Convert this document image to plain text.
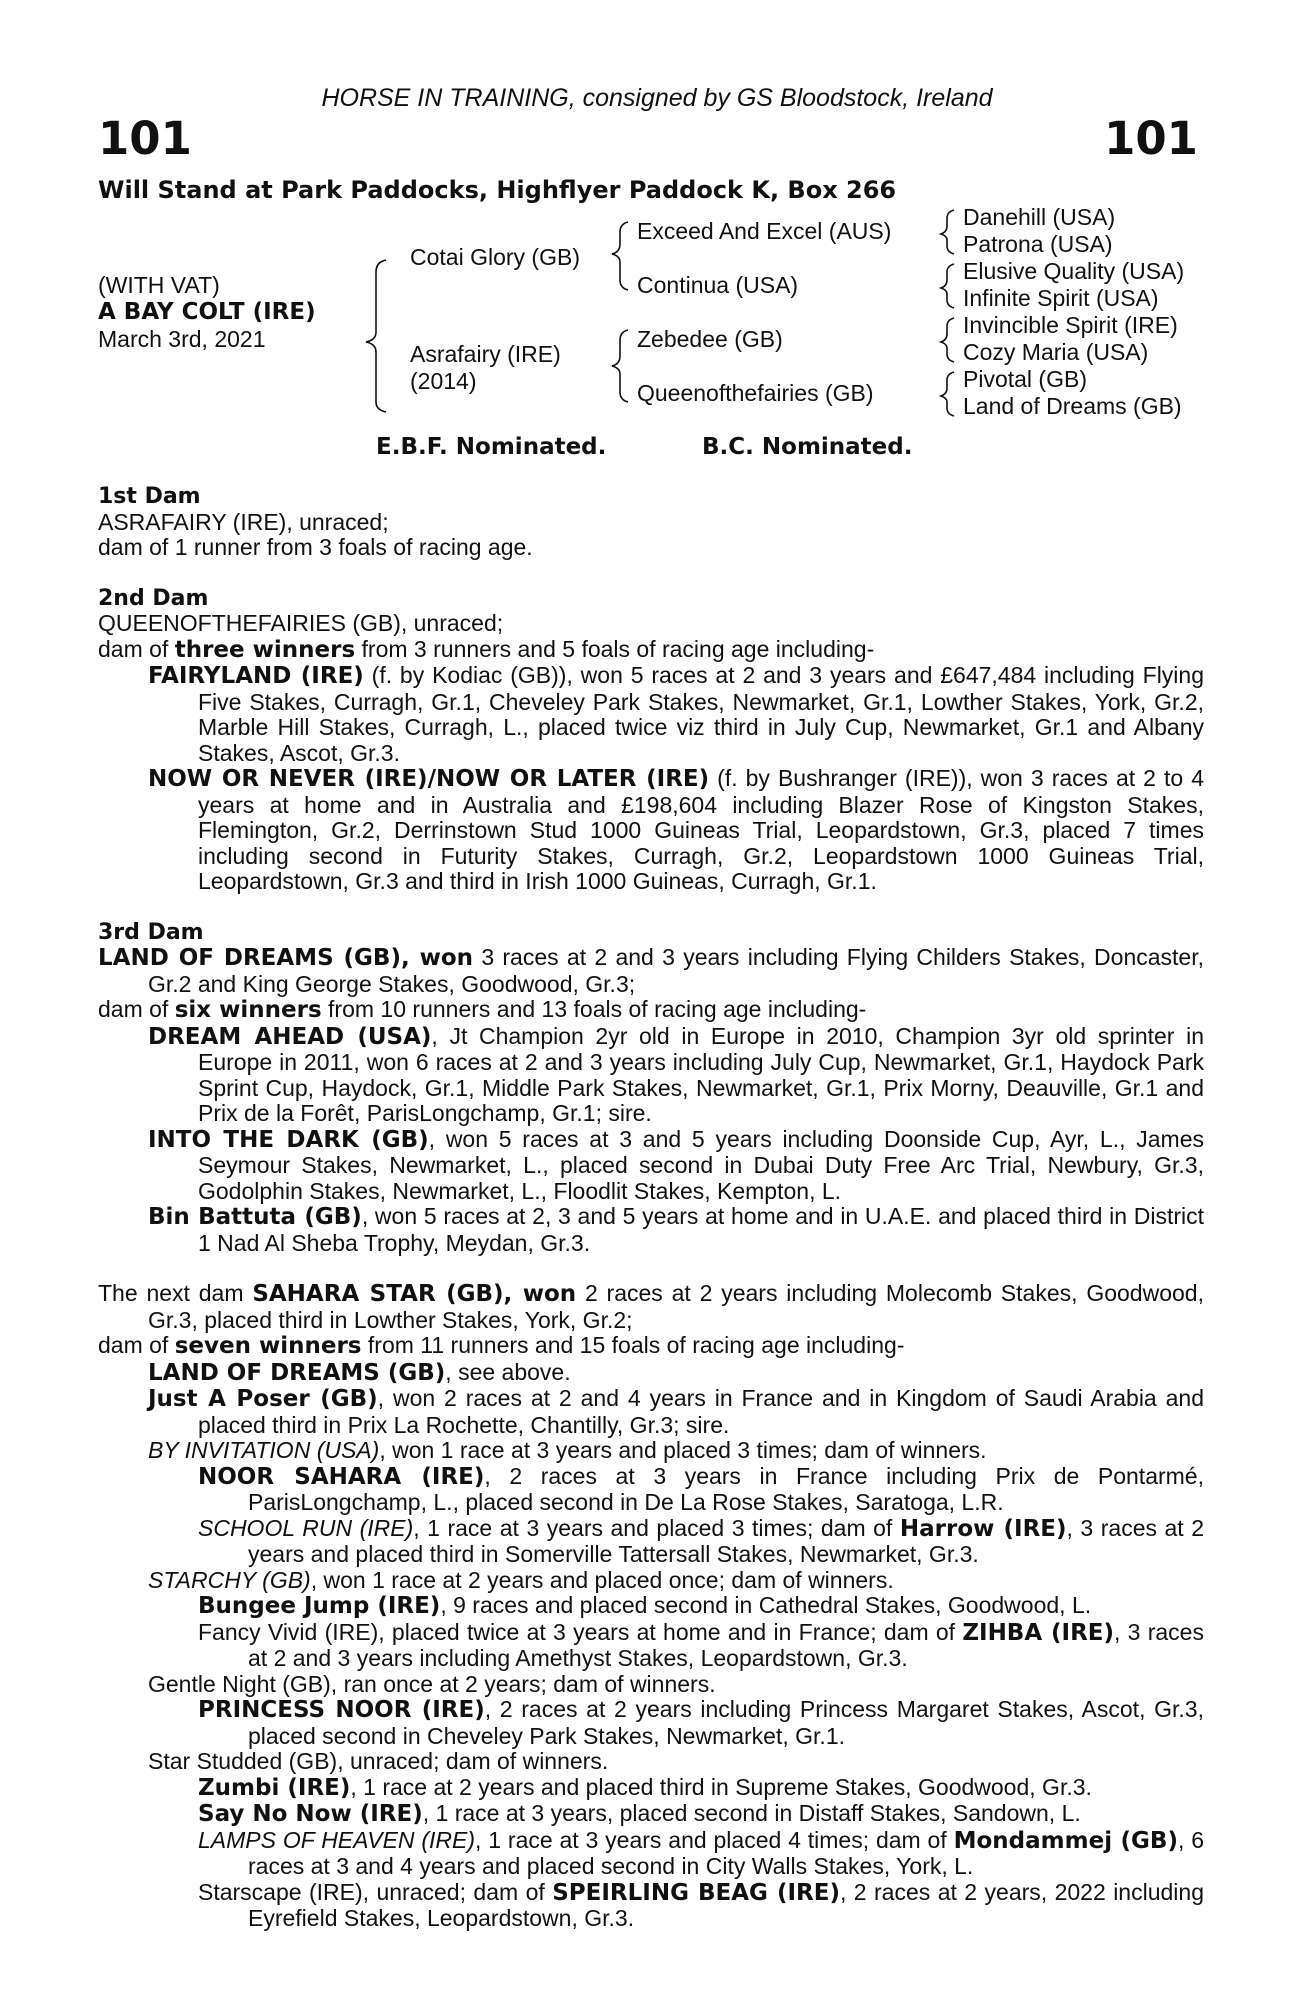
HORSE IN TRAINING, consigned by GS Bloodstock, Ireland
101	101
Will Stand at Park Paddocks, Highflyer Paddock K, Box 266
(WITH VAT)
A BAY COLT (IRE)
March 3rd, 2021
Cotai Glory (GB)
Asrafairy (IRE)
(2014)
Exceed And Excel (AUS)
Continua (USA)
Zebedee (GB)
Queenofthefairies (GB)
Danehill (USA)
Patrona (USA)
Elusive Quality (USA)
Infinite Spirit (USA)
Invincible Spirit (IRE)
Cozy Maria (USA)
Pivotal (GB)
Land of Dreams (GB)
E.B.F. Nominated.	B.C. Nominated.
1st Dam
ASRAFAIRY (IRE), unraced;
dam of 1 runner from 3 foals of racing age.
2nd Dam
QUEENOFTHEFAIRIES (GB), unraced;
dam of three winners from 3 runners and 5 foals of racing age including-
FAIRYLAND (IRE) (f. by Kodiac (GB)), won 5 races at 2 and 3 years and £647,484 including Flying Five Stakes, Curragh, Gr.1, Cheveley Park Stakes, Newmarket, Gr.1, Lowther Stakes, York, Gr.2, Marble Hill Stakes, Curragh, L., placed twice viz third in July Cup, Newmarket, Gr.1 and Albany Stakes, Ascot, Gr.3.
NOW OR NEVER (IRE)/NOW OR LATER (IRE) (f. by Bushranger (IRE)), won 3 races at 2 to 4 years at home and in Australia and £198,604 including Blazer Rose of Kingston Stakes, Flemington, Gr.2, Derrinstown Stud 1000 Guineas Trial, Leopardstown, Gr.3, placed 7 times including second in Futurity Stakes, Curragh, Gr.2, Leopardstown 1000 Guineas Trial, Leopardstown, Gr.3 and third in Irish 1000 Guineas, Curragh, Gr.1.
3rd Dam
LAND OF DREAMS (GB), won 3 races at 2 and 3 years including Flying Childers Stakes, Doncaster, Gr.2 and King George Stakes, Goodwood, Gr.3;
dam of six winners from 10 runners and 13 foals of racing age including-
DREAM AHEAD (USA), Jt Champion 2yr old in Europe in 2010, Champion 3yr old sprinter in Europe in 2011, won 6 races at 2 and 3 years including July Cup, Newmarket, Gr.1, Haydock Park Sprint Cup, Haydock, Gr.1, Middle Park Stakes, Newmarket, Gr.1, Prix Morny, Deauville, Gr.1 and Prix de la Forêt, ParisLongchamp, Gr.1; sire.
INTO THE DARK (GB), won 5 races at 3 and 5 years including Doonside Cup, Ayr, L., James Seymour Stakes, Newmarket, L., placed second in Dubai Duty Free Arc Trial, Newbury, Gr.3, Godolphin Stakes, Newmarket, L., Floodlit Stakes, Kempton, L.
Bin Battuta (GB), won 5 races at 2, 3 and 5 years at home and in U.A.E. and placed third in District 1 Nad Al Sheba Trophy, Meydan, Gr.3.
The next dam SAHARA STAR (GB), won 2 races at 2 years including Molecomb Stakes, Goodwood, Gr.3, placed third in Lowther Stakes, York, Gr.2;
dam of seven winners from 11 runners and 15 foals of racing age including-
LAND OF DREAMS (GB), see above.
Just A Poser (GB), won 2 races at 2 and 4 years in France and in Kingdom of Saudi Arabia and placed third in Prix La Rochette, Chantilly, Gr.3; sire.
BY INVITATION (USA), won 1 race at 3 years and placed 3 times; dam of winners.
NOOR SAHARA (IRE), 2 races at 3 years in France including Prix de Pontarmé, ParisLongchamp, L., placed second in De La Rose Stakes, Saratoga, L.R.
SCHOOL RUN (IRE), 1 race at 3 years and placed 3 times; dam of Harrow (IRE), 3 races at 2 years and placed third in Somerville Tattersall Stakes, Newmarket, Gr.3.
STARCHY (GB), won 1 race at 2 years and placed once; dam of winners.
Bungee Jump (IRE), 9 races and placed second in Cathedral Stakes, Goodwood, L.
Fancy Vivid (IRE), placed twice at 3 years at home and in France; dam of ZIHBA (IRE), 3 races at 2 and 3 years including Amethyst Stakes, Leopardstown, Gr.3.
Gentle Night (GB), ran once at 2 years; dam of winners.
PRINCESS NOOR (IRE), 2 races at 2 years including Princess Margaret Stakes, Ascot, Gr.3, placed second in Cheveley Park Stakes, Newmarket, Gr.1.
Star Studded (GB), unraced; dam of winners.
Zumbi (IRE), 1 race at 2 years and placed third in Supreme Stakes, Goodwood, Gr.3.
Say No Now (IRE), 1 race at 3 years, placed second in Distaff Stakes, Sandown, L.
LAMPS OF HEAVEN (IRE), 1 race at 3 years and placed 4 times; dam of Mondammej (GB), 6 races at 3 and 4 years and placed second in City Walls Stakes, York, L.
Starscape (IRE), unraced; dam of SPEIRLING BEAG (IRE), 2 races at 2 years, 2022 including Eyrefield Stakes, Leopardstown, Gr.3.
